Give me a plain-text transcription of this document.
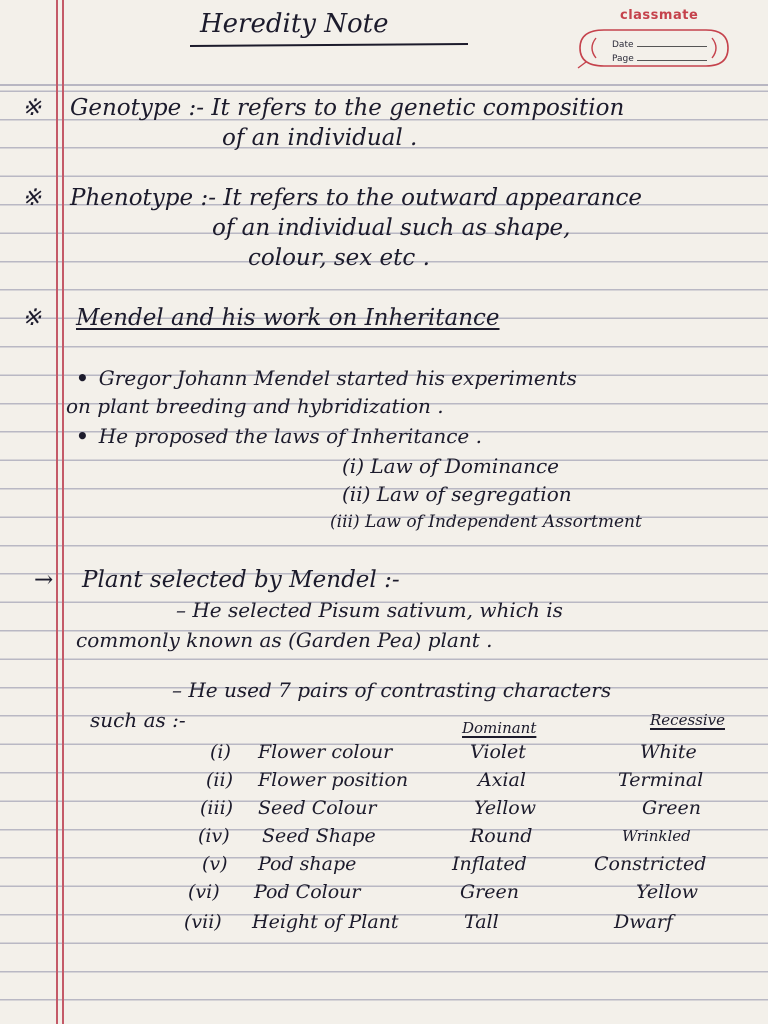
classmate
Date
Page
Heredity Note
※ Genotype :- It refers to the genetic composition
of an individual .
※ Phenotype :- It refers to the outward appearance
of an individual such as shape,
colour, sex etc .
※ Mendel and his work on Inheritance
• Gregor Johann Mendel started his experiments
on plant breeding and hybridization .
• He proposed the laws of Inheritance .
(i) Law of Dominance
(ii) Law of segregation
(iii) Law of Independent Assortment
→ Plant selected by Mendel :-
– He selected Pisum sativum, which is
commonly known as (Garden Pea) plant .
– He used 7 pairs of contrasting characters
such as :-	Dominant	Recessive
(i) Flower colour	Violet	White
(ii) Flower position	Axial	Terminal
(iii) Seed Colour	Yellow	Green
(iv) Seed Shape	Round	Wrinkled
(v) Pod shape	Inflated	Constricted
(vi) Pod Colour	Green	Yellow
(vii) Height of Plant	Tall	Dwarf
